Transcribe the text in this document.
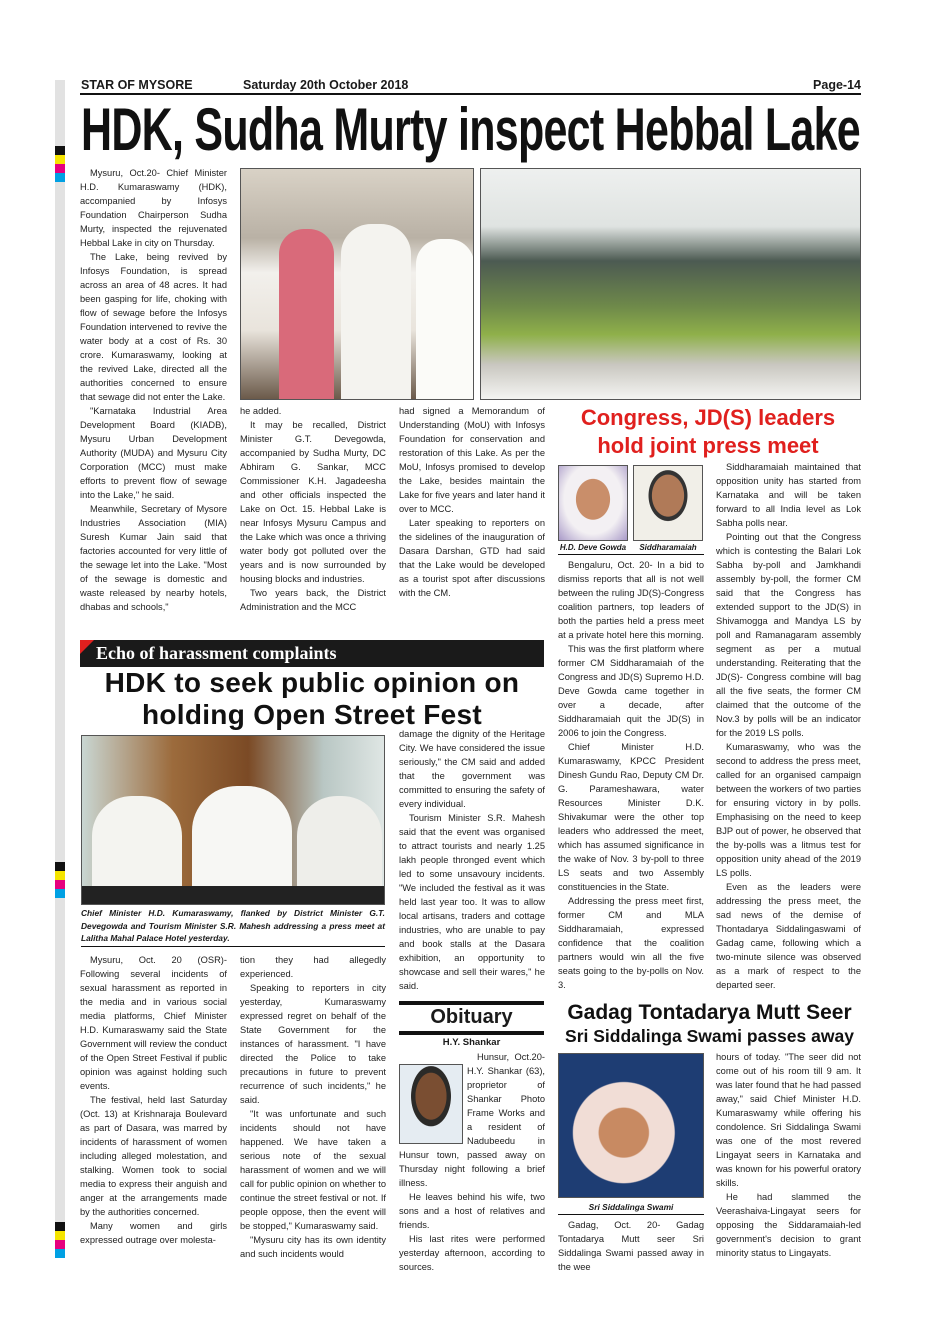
STAR OF MYSORE	Saturday 20th October 2018	Page-14
HDK, Sudha Murty inspect Hebbal Lake

Mysuru, Oct.20- Chief Minister H.D. Kumaraswamy (HDK), accompanied by Infosys Foundation Chairperson Sudha Murty, inspected the rejuvenated Hebbal Lake in city on Thursday.

The Lake, being revived by Infosys Foundation, is spread across an area of 48 acres. It had been gasping for life, choking with flow of sewage before the Infosys Foundation intervened to revive the water body at a cost of Rs. 30 crore. Kumaraswamy, looking at the revived Lake, directed all the authorities concerned to ensure that sewage did not enter the Lake.

"Karnataka Industrial Area Development Board (KIADB), Mysuru Urban Development Authority (MUDA) and Mysuru City Corporation (MCC) must make efforts to prevent flow of sewage into the Lake," he said.

Meanwhile, Secretary of Mysore Industries Association (MIA) Suresh Kumar Jain said that factories accounted for very little of the sewage let into the Lake. "Most of the sewage is domestic and waste released by nearby hotels, dhabas and schools,"

he added.

It may be recalled, District Minister G.T. Devegowda, accompanied by Sudha Murty, DC Abhiram G. Sankar, MCC Commissioner K.H. Jagadeesha and other officials inspected the Lake on Oct. 15. Hebbal Lake is near Infosys Mysuru Campus and the Lake which was once a thriving water body got polluted over the years and is now surrounded by housing blocks and industries.

Two years back, the District Administration and the MCC

had signed a Memorandum of Understanding (MoU) with Infosys Foundation for conservation and restoration of this Lake. As per the MoU, Infosys promised to develop the Lake, besides maintain the Lake for five years and later hand it over to MCC.

Later speaking to reporters on the sidelines of the inauguration of Dasara Darshan, GTD had said that the Lake would be developed as a tourist spot after discussions with the CM.

Congress, JD(S) leaders
hold joint press meet
H.D. Deve Gowda	Siddharamaiah

Bengaluru, Oct. 20- In a bid to dismiss reports that all is not well between the ruling JD(S)-Congress coalition partners, top leaders of both the parties held a press meet at a private hotel here this morning.

This was the first platform where former CM Siddharamaiah of the Congress and JD(S) Supremo H.D. Deve Gowda came together in over a decade, after Siddharamaiah quit the JD(S) in 2006 to join the Congress.

Chief Minister H.D. Kumaraswamy, KPCC President Dinesh Gundu Rao, Deputy CM Dr. G. Parameshawara, water Resources Minister D.K. Shivakumar were the other top leaders who addressed the meet, which has assumed significance in the wake of Nov. 3 by-poll to three LS seats and two Assembly constituencies in the State.

Addressing the press meet first, former CM and MLA Siddharamaiah, expressed confidence that the coalition partners would win all the five seats going to the by-polls on Nov. 3.

Siddharamaiah maintained that opposition unity has started from Karnataka and will be taken forward to all India level as Lok Sabha polls near.

Pointing out that the Congress which is contesting the Balari Lok Sabha by-poll and Jamkhandi assembly by-poll, the former CM said that the Congress has extended support to the JD(S) in Shivamogga and Mandya LS by poll and Ramanagaram assembly segment as per a mutual understanding. Reiterating that the JD(S)- Congress combine will bag all the five seats, the former CM claimed that the outcome of the Nov.3 by polls will be an indicator for the 2019 LS polls.

Kumaraswamy, who was the second to address the press meet, called for an organised campaign between the workers of two parties for ensuring victory in by polls. Emphasising on the need to keep BJP out of power, he observed that the by-polls was a litmus test for opposition unity ahead of the 2019 LS polls.

Even as the leaders were addressing the press meet, the sad news of the demise of Thontadarya Siddalingaswami of Gadag came, following which a two-minute silence was observed as a mark of respect to the departed seer.

Echo of harassment complaints
HDK to seek public opinion on
holding Open Street Fest
Chief Minister H.D. Kumaraswamy, flanked by District Minister G.T. Devegowda and Tourism Minister S.R. Mahesh addressing a press meet at Lalitha Mahal Palace Hotel yesterday.

Mysuru, Oct. 20 (OSR)- Following several incidents of sexual harassment as reported in the media and in various social media platforms, Chief Minister H.D. Kumaraswamy said the State Government will review the conduct of the Open Street Festival if public opinion was against holding such events.

The festival, held last Saturday (Oct. 13) at Krishnaraja Boulevard as part of Dasara, was marred by incidents of harassment of women including alleged molestation, and stalking. Women took to social media to express their anguish and anger at the arrangements made by the authorities concerned.

Many women and girls expressed outrage over molesta-

tion they had allegedly experienced.

Speaking to reporters in city yesterday, Kumaraswamy expressed regret on behalf of the State Government for the instances of harassment. "I have directed the Police to take precautions in future to prevent recurrence of such incidents," he said.

"It was unfortunate and such incidents should not have happened. We have taken a serious note of the sexual harassment of women and we will call for public opinion on whether to continue the street festival or not. If people oppose, then the event will be stopped," Kumaraswamy said.

"Mysuru city has its own identity and such incidents would

damage the dignity of the Heritage City. We have considered the issue seriously," the CM said and added that the government was committed to ensuring the safety of every individual.

Tourism Minister S.R. Mahesh said that the event was organised to attract tourists and nearly 1.25 lakh people thronged event which led to some unsavoury incidents. "We included the festival as it was held last year too. It was to allow local artisans, traders and cottage industries, who are unable to pay and book stalls at the Dasara exhibition, an opportunity to showcase and sell their wares," he said.

Obituary
H.Y. Shankar

Hunsur, Oct.20- H.Y. Shankar (63), proprietor of Shankar Photo Frame Works and a resident of Nadubeedu in Hunsur town, passed away on Thursday night following a brief illness.

He leaves behind his wife, two sons and a host of relatives and friends.

His last rites were performed yesterday afternoon, according to sources.

Gadag Tontadarya Mutt Seer
Sri Siddalinga Swami passes away
Sri Siddalinga Swami

Gadag, Oct. 20- Gadag Tontadarya Mutt seer Sri Siddalinga Swami passed away in the wee

hours of today. "The seer did not come out of his room till 9 am. It was later found that he had passed away," said Chief Minister H.D. Kumaraswamy while offering his condolence. Sri Siddalinga Swami was one of the most revered Lingayat seers in Karnataka and was known for his powerful oratory skills.

He had slammed the Veerashaiva-Lingayat seers for opposing the Siddaramaiah-led government's decision to grant minority status to Lingayats.
